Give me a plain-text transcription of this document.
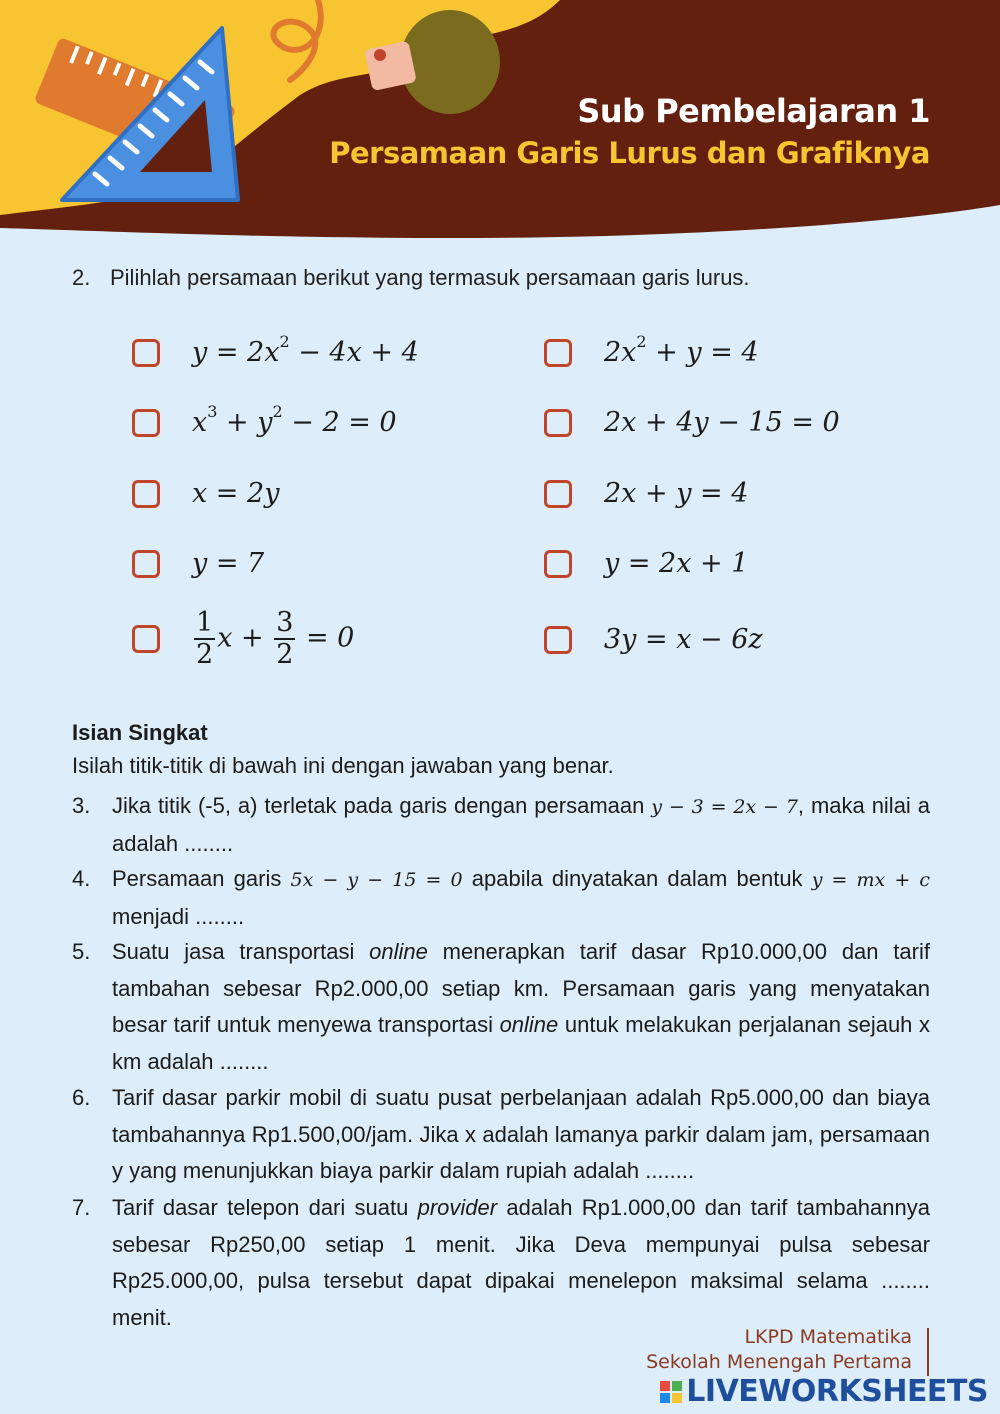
Sub Pembelajaran 1
Persamaan Garis Lurus dan Grafiknya
2. Pilihlah persamaan berikut yang termasuk persamaan garis lurus.
$y = 2x^2 - 4x + 4$
$x^3 + y^2 - 2 = 0$
x = 2y
y = 7
$\frac{1}{2}$ $x + \frac{3}{2} = 0$
$2x^2 + y = 4$
2x + 4y − 15 = 0
2x + y = 4
y = 2x + 1
3y = x − 6z
Isian Singkat
Isilah titik-titik di bawah ini dengan jawaban yang benar.
3. Jika titik (-5, a) terletak pada garis dengan persamaan y − 3 = 2x − 7, maka nilai a adalah ........
4. Persamaan garis 5x − y − 15 = 0 apabila dinyatakan dalam bentuk y = mx + c menjadi ........
5. Suatu jasa transportasi online menerapkan tarif dasar Rp10.000,00 dan tarif tambahan sebesar Rp2.000,00 setiap km. Persamaan garis yang menyatakan besar tarif untuk menyewa transportasi online untuk melakukan perjalanan sejauh x km adalah ........
6. Tarif dasar parkir mobil di suatu pusat perbelanjaan adalah Rp5.000,00 dan biaya tambahannya Rp1.500,00/jam. Jika x adalah lamanya parkir dalam jam, persamaan y yang menunjukkan biaya parkir dalam rupiah adalah ........
7. Tarif dasar telepon dari suatu provider adalah Rp1.000,00 dan tarif tambahannya sebesar Rp250,00 setiap 1 menit. Jika Deva mempunyai pulsa sebesar Rp25.000,00, pulsa tersebut dapat dipakai menelepon maksimal selama ........ menit.
LKPD Matematika
Sekolah Menengah Pertama
LIVEWORKSHEETS
